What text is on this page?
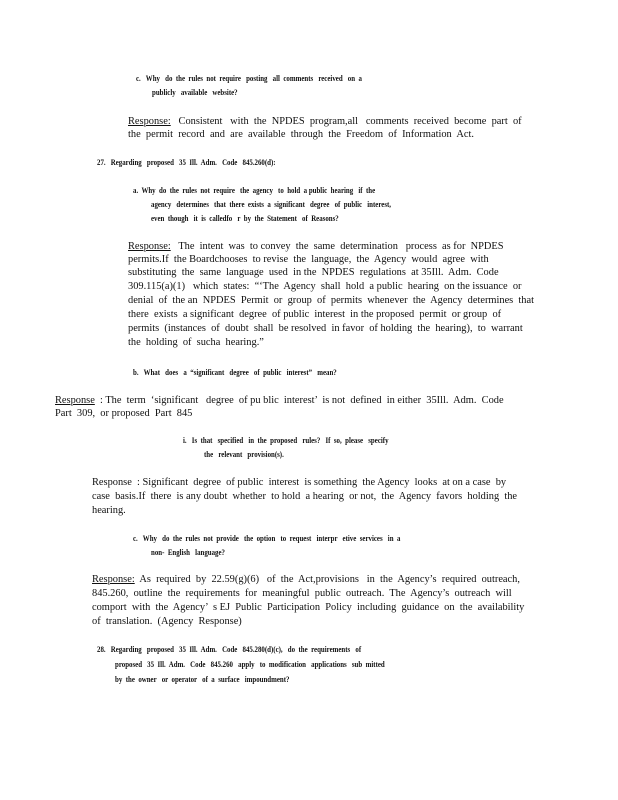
c.   Why   do  the  rules  not  require   posting   all  comments   received   on  a
publicly   available   website?
Response:   Consistent   with  the  NPDES  program,all   comments  received  become  part  of
the  permit  record  and  are  available  through  the  Freedom  of  Information  Act.
27.   Regarding   proposed   35  Ill.  Adm.   Code   845.260(d):
a.  Why  do  the  rules  not  require   the  agency   to  hold  a public  hearing   if  the
agency   determines   that  there  exists  a  significant   degree   of  public   interest,
even  though   it  is  calledfo   r  by  the  Statement   of  Reasons?
Response:   The  intent  was  to convey  the  same  determination   process  as for  NPDES
permits.If  the Boardchooses  to revise  the  language,  the  Agency  would  agree  with
substituting  the  same  language  used  in the  NPDES  regulations  at 35Ill.  Adm.  Code
309.115(a)(1)   which  states:  “‘The  Agency  shall  hold  a public  hearing  on the issuance  or
denial  of  the an  NPDES  Permit  or  group  of  permits  whenever  the  Agency  determines  that
there  exists  a significant  degree  of public  interest  in the proposed  permit  or group  of
permits  (instances  of  doubt  shall  be resolved  in favor  of holding  the  hearing),  to  warrant
the  holding  of  sucha  hearing.”
b.   What   does   a  “significant   degree   of  public   interest”   mean?
Response  : The  term  ‘significant   degree  of pu blic  interest’  is not  defined  in either  35Ill.  Adm.  Code
Part  309,  or proposed  Part  845
i.   Is  that   specified   in  the  proposed   rules?   If  so,  please   specify
the   relevant   provision(s).
Response  : Significant  degree  of public  interest  is something  the Agency  looks  at on a case  by
case  basis.If  there  is any doubt  whether  to hold  a hearing  or not,  the  Agency  favors  holding  the
hearing.
c.   Why   do  the  rules  not  provide   the  option   to  request   interpr   etive  services   in  a
non-  English   language?
Response:  As  required  by  22.59(g)(6)   of  the  Act,provisions   in  the  Agency’s  required  outreach,
845.260,  outline  the  requirements  for  meaningful  public  outreach.  The  Agency’s  outreach  will
comport  with  the  Agency’  s EJ  Public  Participation  Policy  including  guidance  on  the  availability
of  translation.  (Agency  Response)
28.   Regarding   proposed   35  Ill.  Adm.   Code   845.280(d)(c),   do  the  requirements   of
proposed   35  Ill.  Adm.   Code   845.260   apply   to  modification   applications   sub  mitted
by  the  owner   or  operator   of  a  surface   impoundment?
